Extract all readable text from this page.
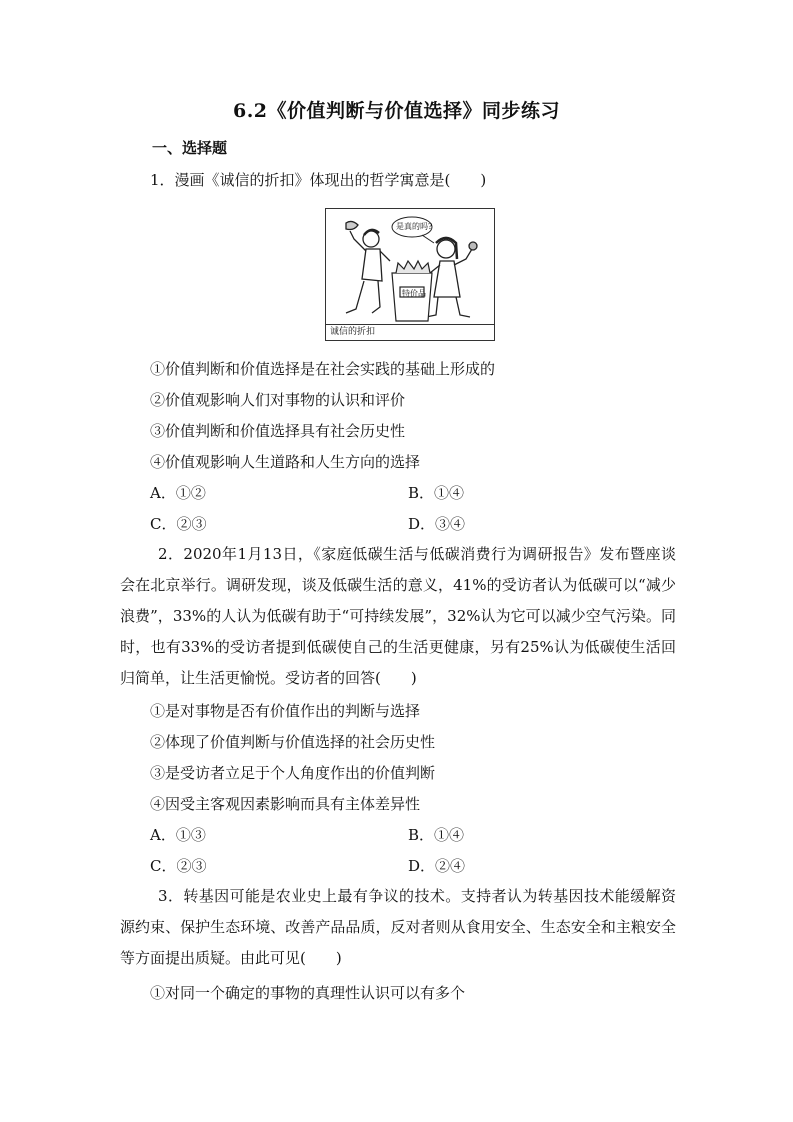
6.2《价值判断与价值选择》同步练习
一、选择题
1．漫画《诚信的折扣》体现出的哲学寓意是(　　)
是真的吗?
特价品
诚信的折扣
①价值判断和价值选择是在社会实践的基础上形成的
②价值观影响人们对事物的认识和评价
③价值判断和价值选择具有社会历史性
④价值观影响人生道路和人生方向的选择
A．①②	B．①④
C．②③	D．③④
2．2020年1月13日，《家庭低碳生活与低碳消费行为调研报告》发布暨座谈会在北京举行。调研发现，谈及低碳生活的意义，41%的受访者认为低碳可以“减少浪费”，33%的人认为低碳有助于“可持续发展”，32%认为它可以减少空气污染。同时，也有33%的受访者提到低碳使自己的生活更健康，另有25%认为低碳使生活回归简单，让生活更愉悦。受访者的回答(　　)
①是对事物是否有价值作出的判断与选择
②体现了价值判断与价值选择的社会历史性
③是受访者立足于个人角度作出的价值判断
④因受主客观因素影响而具有主体差异性
A．①③	B．①④
C．②③	D．②④
3．转基因可能是农业史上最有争议的技术。支持者认为转基因技术能缓解资源约束、保护生态环境、改善产品品质，反对者则从食用安全、生态安全和主粮安全等方面提出质疑。由此可见(　　)
①对同一个确定的事物的真理性认识可以有多个
